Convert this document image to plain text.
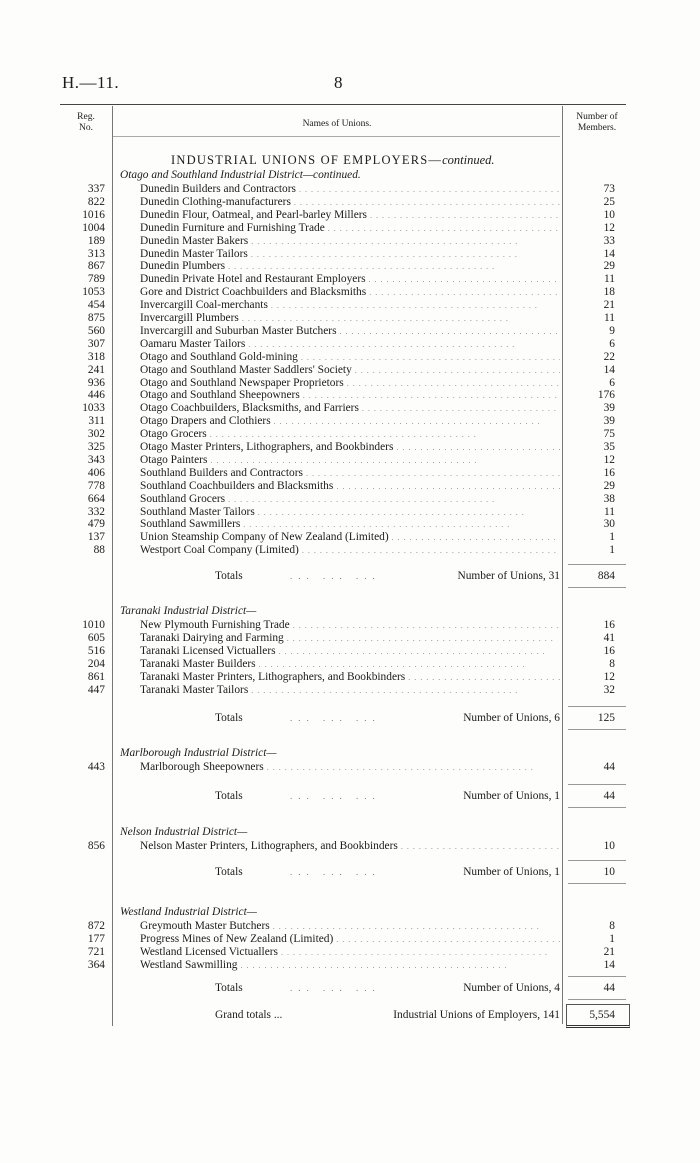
H.—11.	8
Reg.
No.	Names of Unions.
Number of
Members.
INDUSTRIAL UNIONS OF EMPLOYERS—continued.
Otago and Southland Industrial District—continued.
337	Dunedin Builders and Contractors . . .	73
822	Dunedin Clothing-manufacturers . . .	25
1016	Dunedin Flour, Oatmeal, and Pearl-barley Millers . . .	10
1004	Dunedin Furniture and Furnishing Trade . . .	12
189	Dunedin Master Bakers . . .	33
313	Dunedin Master Tailors . . .	14
867	Dunedin Plumbers . . .	29
789	Dunedin Private Hotel and Restaurant Employers . . .	11
1053	Gore and District Coachbuilders and Blacksmiths . . .	18
454	Invercargill Coal-merchants . . .	21
875	Invercargill Plumbers . . .	11
560	Invercargill and Suburban Master Butchers . . .	9
307	Oamaru Master Tailors . . .	6
318	Otago and Southland Gold-mining . . .	22
241	Otago and Southland Master Saddlers' Society . . .	14
936	Otago and Southland Newspaper Proprietors . . .	6
446	Otago and Southland Sheepowners . . .	176
1033	Otago Coachbuilders, Blacksmiths, and Farriers . . .	39
311	Otago Drapers and Clothiers . . .	39
302	Otago Grocers . . .	75
325	Otago Master Printers, Lithographers, and Bookbinders . . .	35
343	Otago Painters . . .	12
406	Southland Builders and Contractors . . .	16
778	Southland Coachbuilders and Blacksmiths . . .	29
664	Southland Grocers . . .	38
332	Southland Master Tailors . . .	11
479	Southland Sawmillers . . .	30
137	Union Steamship Company of New Zealand (Limited) . . .	1
88	Westport Coal Company (Limited) . . .	1
Totals	... ... ...	Number of Unions, 31	884
Taranaki Industrial District—
1010	New Plymouth Furnishing Trade . . .	16
605	Taranaki Dairying and Farming . . .	41
516	Taranaki Licensed Victuallers . . .	16
204	Taranaki Master Builders . . .	8
861	Taranaki Master Printers, Lithographers, and Bookbinders . . .	12
447	Taranaki Master Tailors . . .	32
Totals	... ... ...	Number of Unions, 6	125
Marlborough Industrial District—
443	Marlborough Sheepowners . . .	44
Totals	... ... ...	Number of Unions, 1	44
Nelson Industrial District—
856	Nelson Master Printers, Lithographers, and Bookbinders . . .	10
Totals	... ... ...	Number of Unions, 1	10
Westland Industrial District—
872	Greymouth Master Butchers . . .	8
177	Progress Mines of New Zealand (Limited) . . .	1
721	Westland Licensed Victuallers . . .	21
364	Westland Sawmilling . . .	14
Totals	... ... ...	Number of Unions, 4	44
Grand totals ...	Industrial Unions of Employers, 141	5,554
